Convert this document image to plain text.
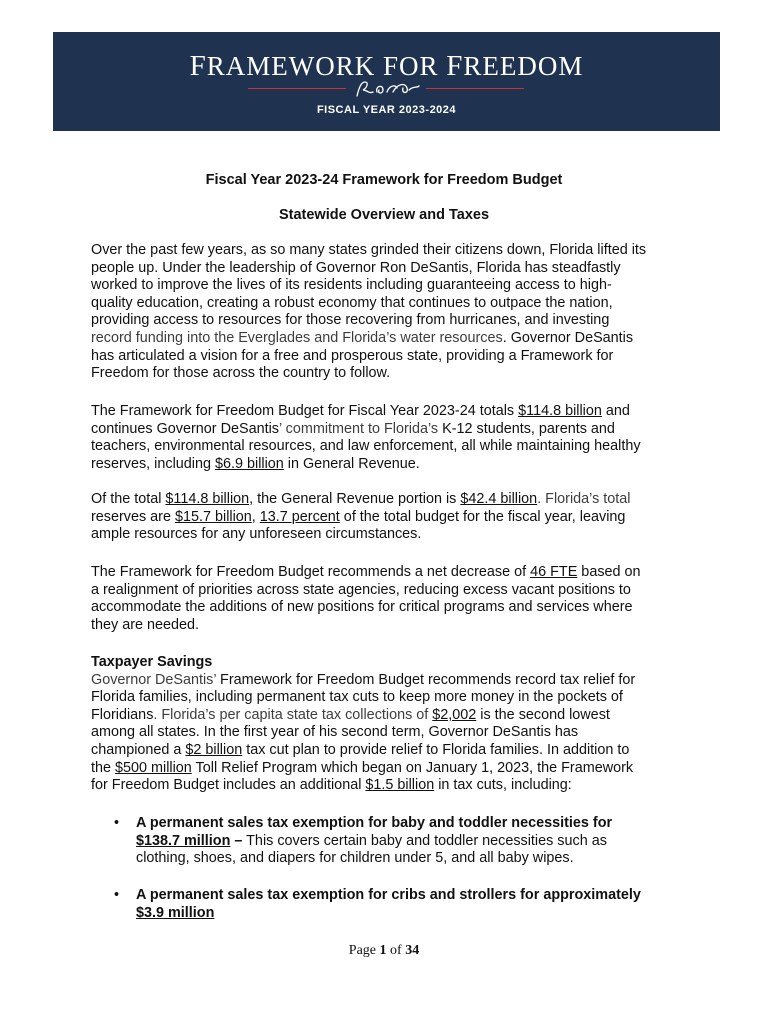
FRAMEWORK FOR FREEDOM
FISCAL YEAR 2023-2024
Fiscal Year 2023-24 Framework for Freedom Budget
Statewide Overview and Taxes
Over the past few years, as so many states grinded their citizens down, Florida lifted its
people up. Under the leadership of Governor Ron DeSantis, Florida has steadfastly
worked to improve the lives of its residents including guaranteeing access to high-
quality education, creating a robust economy that continues to outpace the nation,
providing access to resources for those recovering from hurricanes, and investing
record funding into the Everglades and Florida’s water resources. Governor DeSantis
has articulated a vision for a free and prosperous state, providing a Framework for
Freedom for those across the country to follow.
The Framework for Freedom Budget for Fiscal Year 2023-24 totals $114.8 billion and
continues Governor DeSantis’ commitment to Florida’s K-12 students, parents and
teachers, environmental resources, and law enforcement, all while maintaining healthy
reserves, including $6.9 billion in General Revenue.
Of the total $114.8 billion, the General Revenue portion is $42.4 billion. Florida’s total
reserves are $15.7 billion, 13.7 percent of the total budget for the fiscal year, leaving
ample resources for any unforeseen circumstances.
The Framework for Freedom Budget recommends a net decrease of 46 FTE based on
a realignment of priorities across state agencies, reducing excess vacant positions to
accommodate the additions of new positions for critical programs and services where
they are needed.
Taxpayer Savings
Governor DeSantis’ Framework for Freedom Budget recommends record tax relief for
Florida families, including permanent tax cuts to keep more money in the pockets of
Floridians. Florida’s per capita state tax collections of $2,002 is the second lowest
among all states. In the first year of his second term, Governor DeSantis has
championed a $2 billion tax cut plan to provide relief to Florida families. In addition to
the $500 million Toll Relief Program which began on January 1, 2023, the Framework
for Freedom Budget includes an additional $1.5 billion in tax cuts, including:
• A permanent sales tax exemption for baby and toddler necessities for
$138.7 million – This covers certain baby and toddler necessities such as
clothing, shoes, and diapers for children under 5, and all baby wipes.
• A permanent sales tax exemption for cribs and strollers for approximately
$3.9 million
Page 1 of 34
